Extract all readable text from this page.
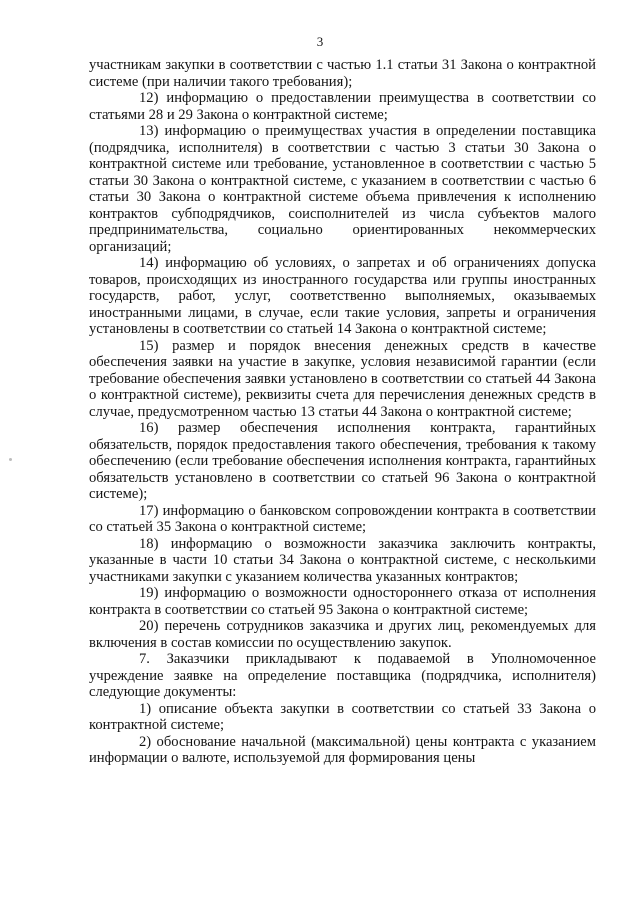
3

участникам закупки в соответствии с частью 1.1 статьи 31 Закона о контрактной системе (при наличии такого требования);

12) информацию о предоставлении преимущества в соответствии со статьями 28 и 29 Закона о контрактной системе;

13) информацию о преимуществах участия в определении поставщика (подрядчика, исполнителя) в соответствии с частью 3 статьи 30 Закона о контрактной системе или требование, установленное в соответствии с частью 5 статьи 30 Закона о контрактной системе, с указанием в соответствии с частью 6 статьи 30 Закона о контрактной системе объема привлечения к исполнению контрактов субподрядчиков, соисполнителей из числа субъектов малого предпринимательства, социально ориентированных некоммерческих организаций;

14) информацию об условиях, о запретах и об ограничениях допуска товаров, происходящих из иностранного государства или группы иностранных государств, работ, услуг, соответственно выполняемых, оказываемых иностранными лицами, в случае, если такие условия, запреты и ограничения установлены в соответствии со статьей 14 Закона о контрактной системе;

15) размер и порядок внесения денежных средств в качестве обеспечения заявки на участие в закупке, условия независимой гарантии (если требование обеспечения заявки установлено в соответствии со статьей 44 Закона о контрактной системе), реквизиты счета для перечисления денежных средств в случае, предусмотренном частью 13 статьи 44 Закона о контрактной системе;

16) размер обеспечения исполнения контракта, гарантийных обязательств, порядок предоставления такого обеспечения, требования к такому обеспечению (если требование обеспечения исполнения контракта, гарантийных обязательств установлено в соответствии со статьей 96 Закона о контрактной системе);

17) информацию о банковском сопровождении контракта в соответствии со статьей 35 Закона о контрактной системе;

18) информацию о возможности заказчика заключить контракты, указанные в части 10 статьи 34 Закона о контрактной системе, с несколькими участниками закупки с указанием количества указанных контрактов;

19) информацию о возможности одностороннего отказа от исполнения контракта в соответствии со статьей 95 Закона о контрактной системе;

20) перечень сотрудников заказчика и других лиц, рекомендуемых для включения в состав комиссии по осуществлению закупок.

7. Заказчики прикладывают к подаваемой в Уполномоченное учреждение заявке на определение поставщика (подрядчика, исполнителя) следующие документы:

1) описание объекта закупки в соответствии со статьей 33 Закона о контрактной системе;

2) обоснование начальной (максимальной) цены контракта с указанием информации о валюте, используемой для формирования цены
